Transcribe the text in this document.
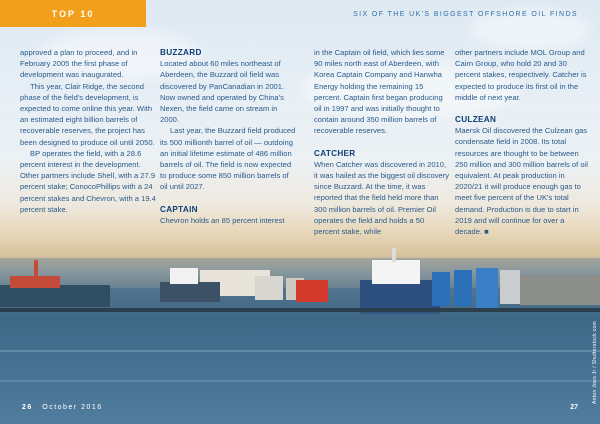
TOP 10	SIX OF THE UK'S BIGGEST OFFSHORE OIL FINDS

approved a plan to proceed, and in February 2005 the first phase of development was inaugurated.

This year, Clair Ridge, the second phase of the field's development, is expected to come online this year. With an estimated eight billion barrels of recoverable reserves, the project has been designed to produce oil until 2050.

BP operates the field, with a 28.6 percent interest in the development. Other partners include Shell, with a 27.9 percent stake; ConocoPhillips with a 24 percent stakes and Chevron, with a 19.4 percent stake.

BUZZARD

Located about 60 miles northeast of Aberdeen, the Buzzard oil field was discovered by PanCanadian in 2001. Now owned and operated by China's Nexen, the field came on stream in 2000.

Last year, the Buzzard field produced its 500 millionth barrel of oil — outdoing an initial lifetime estimate of 486 million barrels of oil. The field is now expected to produce some 850 million barrels of oil until 2027.

CAPTAIN

Chevron holds an 85 percent interest

in the Captain oil field, which lies some 90 miles north east of Aberdeen, with Korea Captain Company and Hanwha Energy holding the remaining 15 percent. Captain first began producing oil in 1997 and was initially thought to contain around 350 million barrels of recoverable reserves.

CATCHER

When Catcher was discovered in 2010, it was hailed as the biggest oil discovery since Buzzard. At the time, it was reported that the field held more than 300 million barrels of oil. Premier Oil operates the field and holds a 50 percent stake, while

other partners include MOL Group and Cairn Group, who hold 20 and 30 percent stakes, respectively. Catcher is expected to produce its first oil in the middle of next year.

CULZEAN

Maersk Oil discovered the Culzean gas condensate field in 2008. Its total resources are thought to be between 250 million and 300 million barrels of oil equivalent. At peak production in 2020/21 it will produce enough gas to meet five percent of the UK's total demand. Production is due to start in 2019 and will continue for over a decade. ■

26 October 2016	27
Anton Joes Jr / Shutterstock.com
